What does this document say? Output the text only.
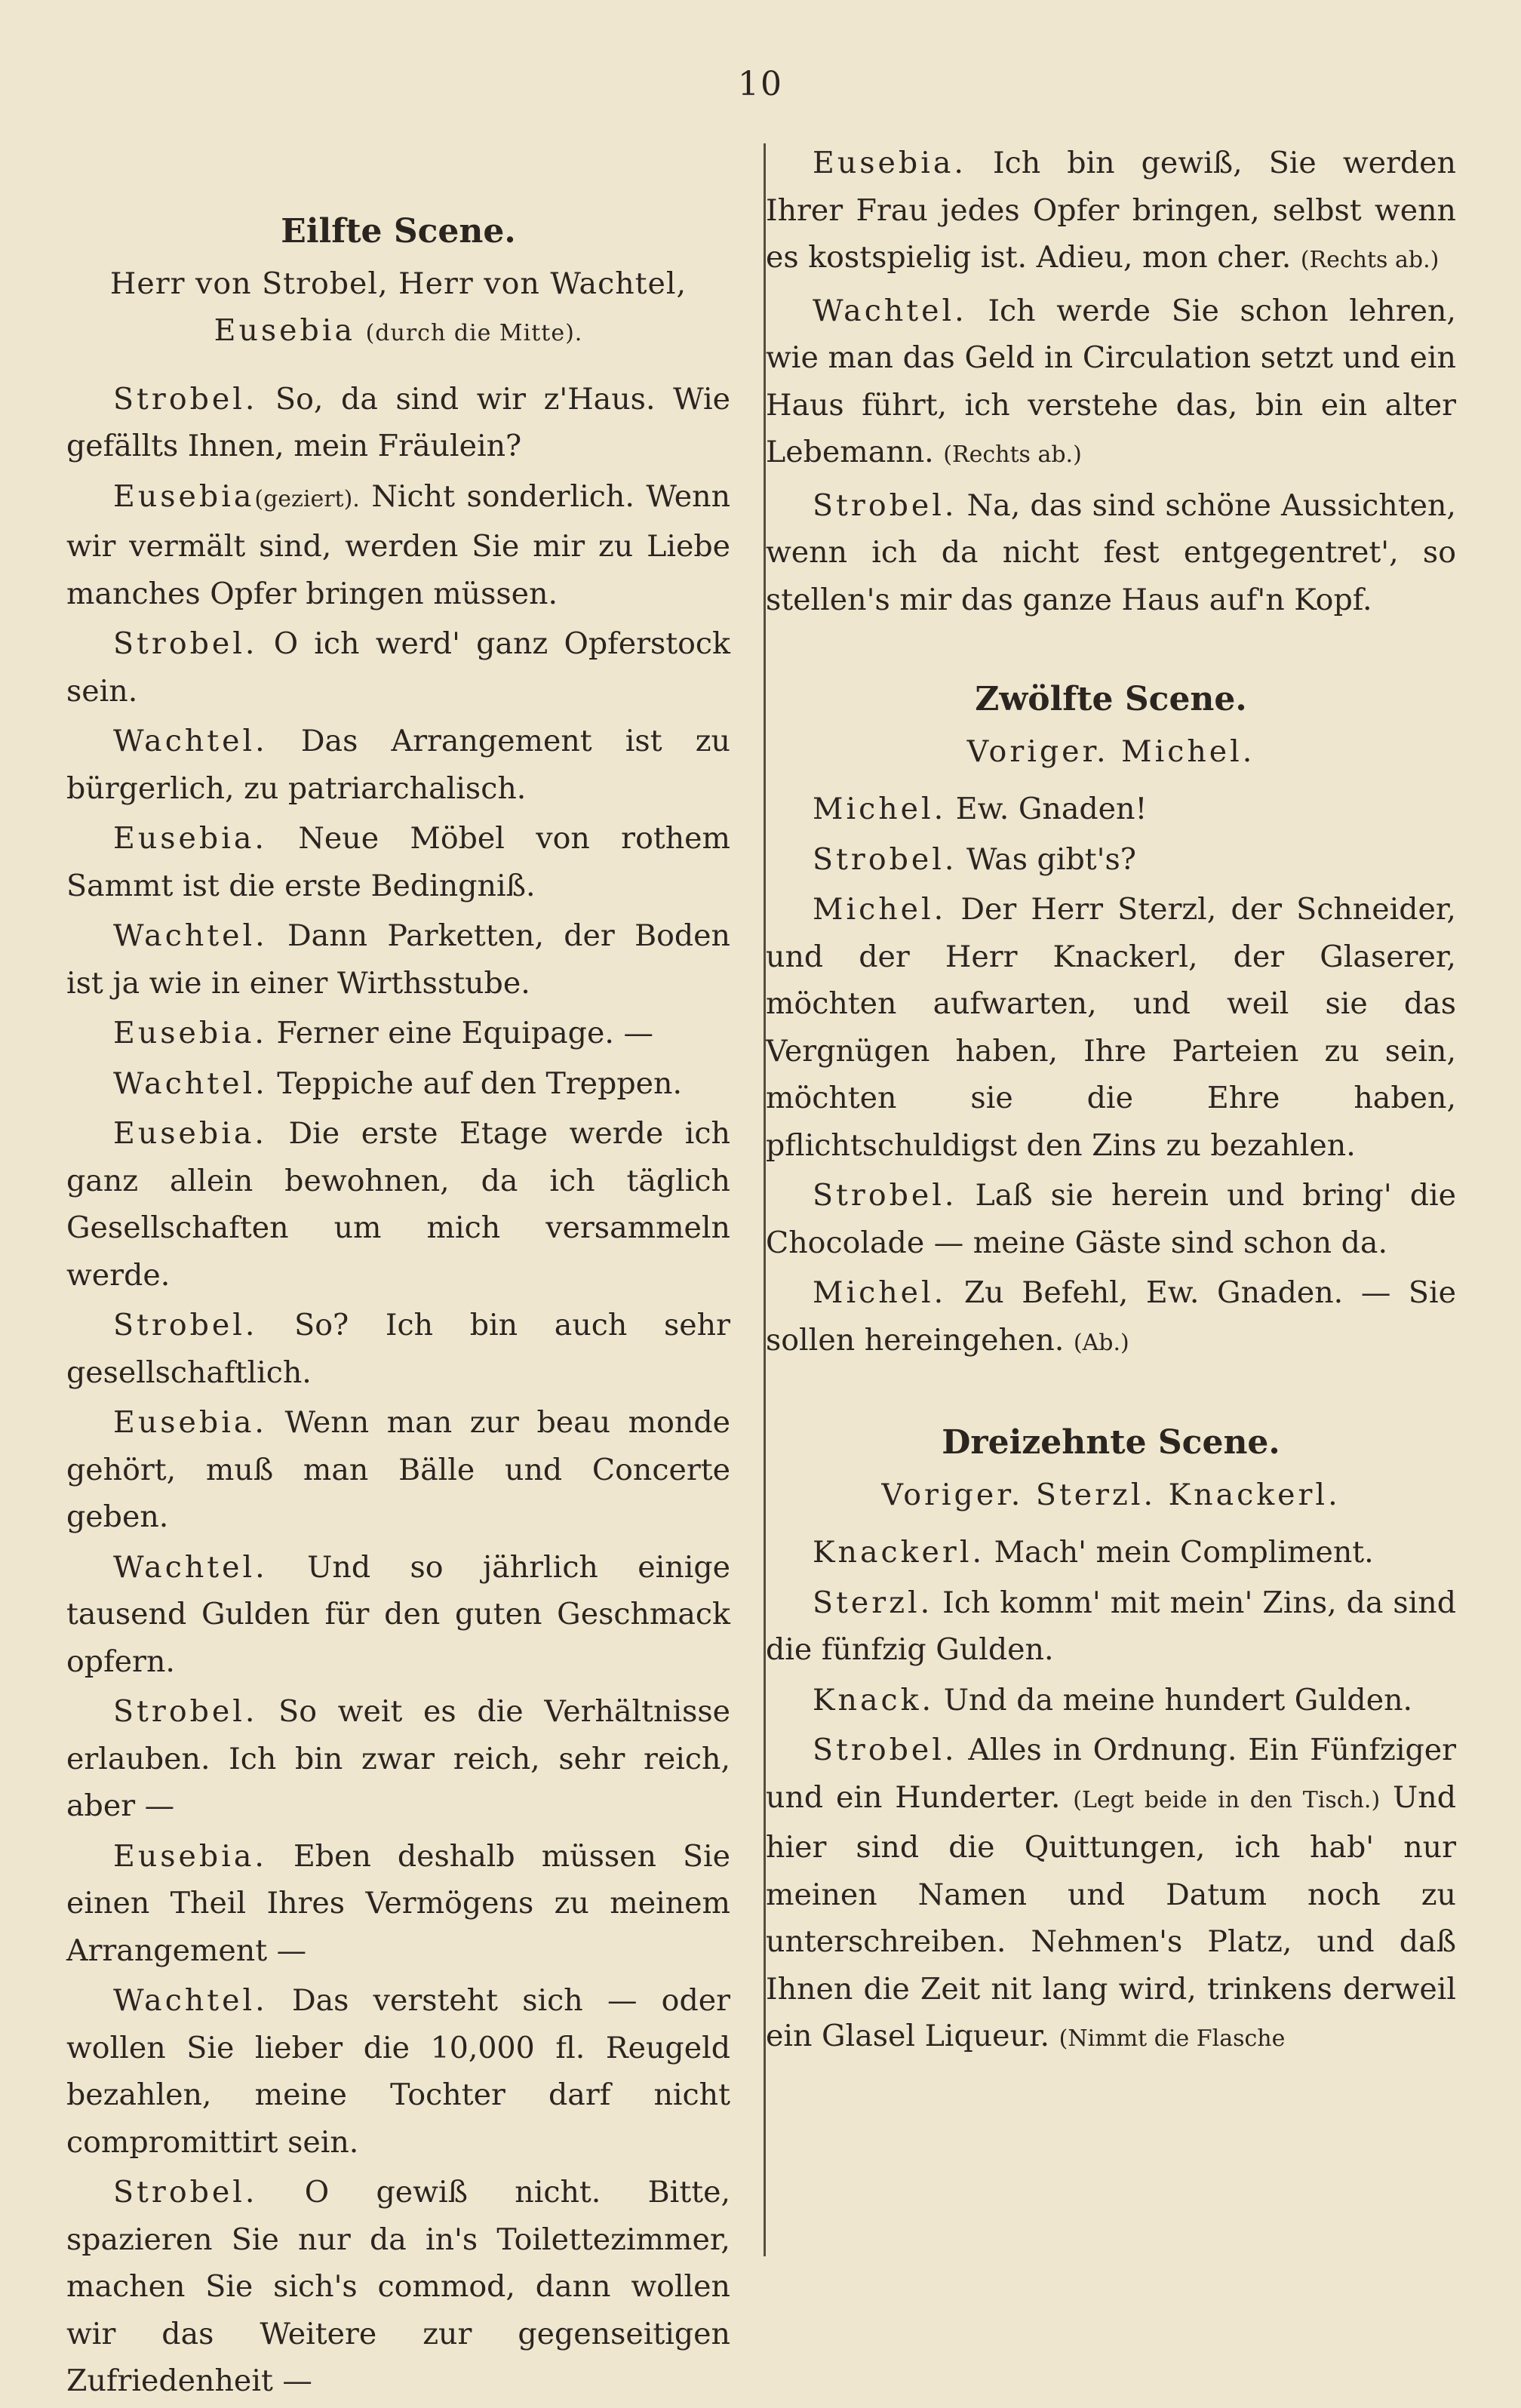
10

Eilfte Scene.

Herr von Strobel, Herr von Wachtel,

Eusebia (durch die Mitte).

Strobel. So, da sind wir z'Haus. Wie gefällts Ihnen, mein Fräulein?

Eusebia(geziert). Nicht sonderlich. Wenn wir vermält sind, werden Sie mir zu Liebe manches Opfer bringen müssen.

Strobel. O ich werd' ganz Opferstock sein.

Wachtel. Das Arrangement ist zu bürgerlich, zu patriarchalisch.

Eusebia. Neue Möbel von rothem Sammt ist die erste Bedingniß.

Wachtel. Dann Parketten, der Boden ist ja wie in einer Wirthsstube.

Eusebia. Ferner eine Equipage. —

Wachtel. Teppiche auf den Treppen.

Eusebia. Die erste Etage werde ich ganz allein bewohnen, da ich täglich Gesellschaften um mich versammeln werde.

Strobel. So? Ich bin auch sehr gesellschaftlich.

Eusebia. Wenn man zur beau monde gehört, muß man Bälle und Concerte geben.

Wachtel. Und so jährlich einige tausend Gulden für den guten Geschmack opfern.

Strobel. So weit es die Verhältnisse erlauben. Ich bin zwar reich, sehr reich, aber —

Eusebia. Eben deshalb müssen Sie einen Theil Ihres Vermögens zu meinem Arrangement —

Wachtel. Das versteht sich — oder wollen Sie lieber die 10,000 fl. Reugeld bezahlen, meine Tochter darf nicht compromittirt sein.

Strobel. O gewiß nicht. Bitte, spazieren Sie nur da in's Toilettezimmer, machen Sie sich's commod, dann wollen wir das Weitere zur gegenseitigen Zufriedenheit —

Eusebia. Ich bin gewiß, Sie werden Ihrer Frau jedes Opfer bringen, selbst wenn es kostspielig ist. Adieu, mon cher. (Rechts ab.)

Wachtel. Ich werde Sie schon lehren, wie man das Geld in Circulation setzt und ein Haus führt, ich verstehe das, bin ein alter Lebemann. (Rechts ab.)

Strobel. Na, das sind schöne Aussichten, wenn ich da nicht fest entgegentret', so stellen's mir das ganze Haus auf'n Kopf.

Zwölfte Scene.

Voriger. Michel.

Michel. Ew. Gnaden!

Strobel. Was gibt's?

Michel. Der Herr Sterzl, der Schneider, und der Herr Knackerl, der Glaserer, möchten aufwarten, und weil sie das Vergnügen haben, Ihre Parteien zu sein, möchten sie die Ehre haben, pflichtschuldigst den Zins zu bezahlen.

Strobel. Laß sie herein und bring' die Chocolade — meine Gäste sind schon da.

Michel. Zu Befehl, Ew. Gnaden. — Sie sollen hereingehen. (Ab.)

Dreizehnte Scene.

Voriger. Sterzl. Knackerl.

Knackerl. Mach' mein Compliment.

Sterzl. Ich komm' mit mein' Zins, da sind die fünfzig Gulden.

Knack. Und da meine hundert Gulden.

Strobel. Alles in Ordnung. Ein Fünfziger und ein Hunderter. (Legt beide in den Tisch.) Und hier sind die Quittungen, ich hab' nur meinen Namen und Datum noch zu unterschreiben. Nehmen's Platz, und daß Ihnen die Zeit nit lang wird, trinkens derweil ein Glasel Liqueur. (Nimmt die Flasche
